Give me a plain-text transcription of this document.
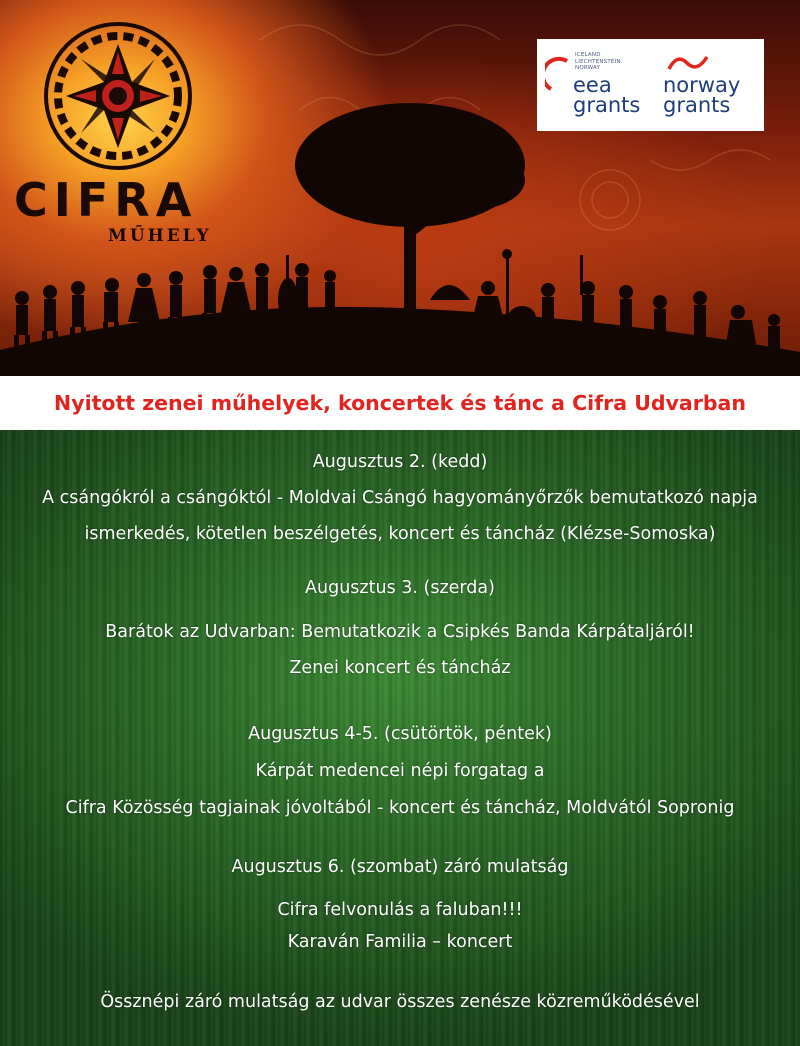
CIFRA
MŰHELY
ICELAND
LIECHTENSTEIN
NORWAY
eea
grants
norway
grants
Nyitott zenei műhelyek, koncertek és tánc a Cifra Udvarban
Augusztus 2. (kedd)
A csángókról a csángóktól - Moldvai Csángó hagyományőrzők bemutatkozó napja
ismerkedés, kötetlen beszélgetés, koncert és táncház (Klézse-Somoska)
Augusztus 3. (szerda)
Barátok az Udvarban: Bemutatkozik a Csipkés Banda Kárpátaljáról!
Zenei koncert és táncház
Augusztus 4-5. (csütörtök, péntek)
Kárpát medencei népi forgatag a
Cifra Közösség tagjainak jóvoltából - koncert és táncház, Moldvától Sopronig
Augusztus 6. (szombat) záró mulatság
Cifra felvonulás a faluban!!!
Karaván Familia – koncert
Össznépi záró mulatság az udvar összes zenésze közreműködésével
